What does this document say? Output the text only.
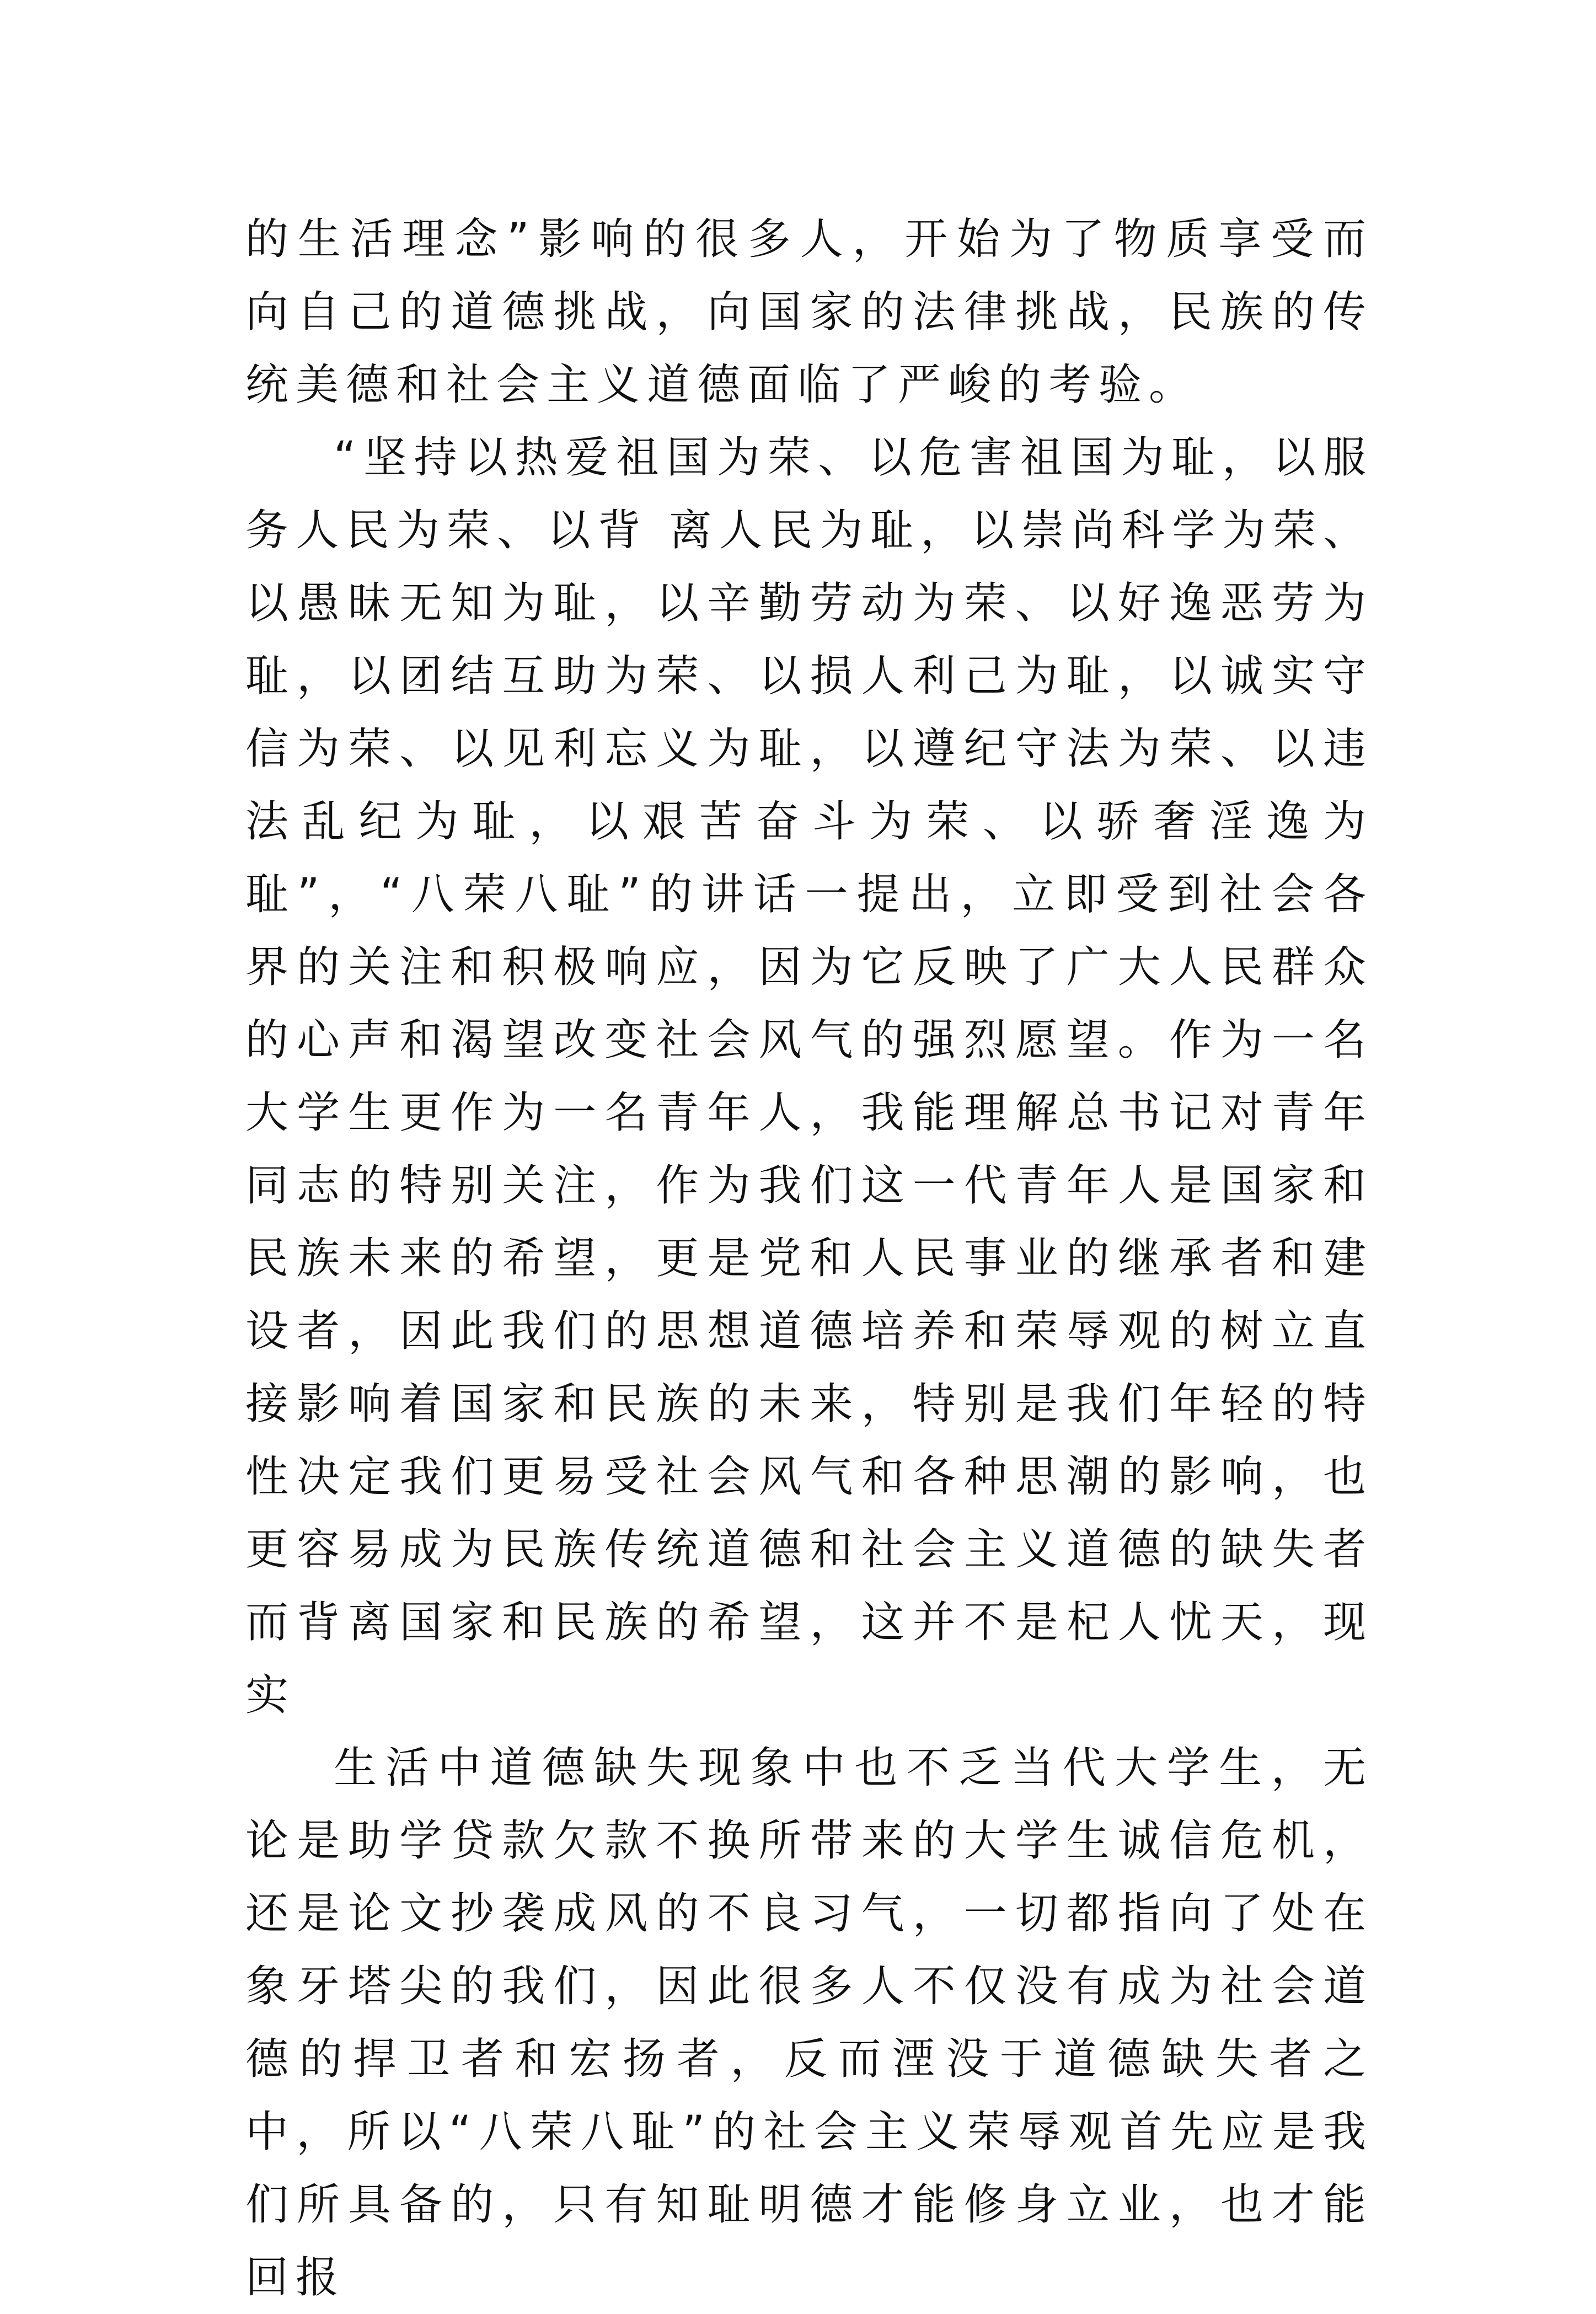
的生活理念”影响的很多人，开始为了物质享受而向自己的道德挑战，向国家的法律挑战，民族的传统美德和社会主义道德面临了严峻的考验。

“坚持以热爱祖国为荣、以危害祖国为耻，以服务人民为荣、以背 离人民为耻，以崇尚科学为荣、以愚昧无知为耻，以辛勤劳动为荣、以好逸恶劳为耻，以团结互助为荣、以损人利己为耻，以诚实守信为荣、以见利忘义为耻，以遵纪守法为荣、以违法乱纪为耻，以艰苦奋斗为荣、以骄奢淫逸为耻”，“八荣八耻”的讲话一提出，立即受到社会各界的关注和积极响应，因为它反映了广大人民群众的心声和渴望改变社会风气的强烈愿望。作为一名大学生更作为一名青年人，我能理解总书记对青年同志的特别关注，作为我们这一代青年人是国家和民族未来的希望，更是党和人民事业的继承者和建设者，因此我们的思想道德培养和荣辱观的树立直接影响着国家和民族的未来，特别是我们年轻的特性决定我们更易受社会风气和各种思潮的影响，也更容易成为民族传统道德和社会主义道德的缺失者而背离国家和民族的希望，这并不是杞人忧天，现实

生活中道德缺失现象中也不乏当代大学生，无论是助学贷款欠款不换所带来的大学生诚信危机，还是论文抄袭成风的不良习气，一切都指向了处在象牙塔尖的我们，因此很多人不仅没有成为社会道德的捍卫者和宏扬者，反而湮没于道德缺失者之中，所以“八荣八耻”的社会主义荣辱观首先应是我们所具备的，只有知耻明德才能修身立业，也才能回报
